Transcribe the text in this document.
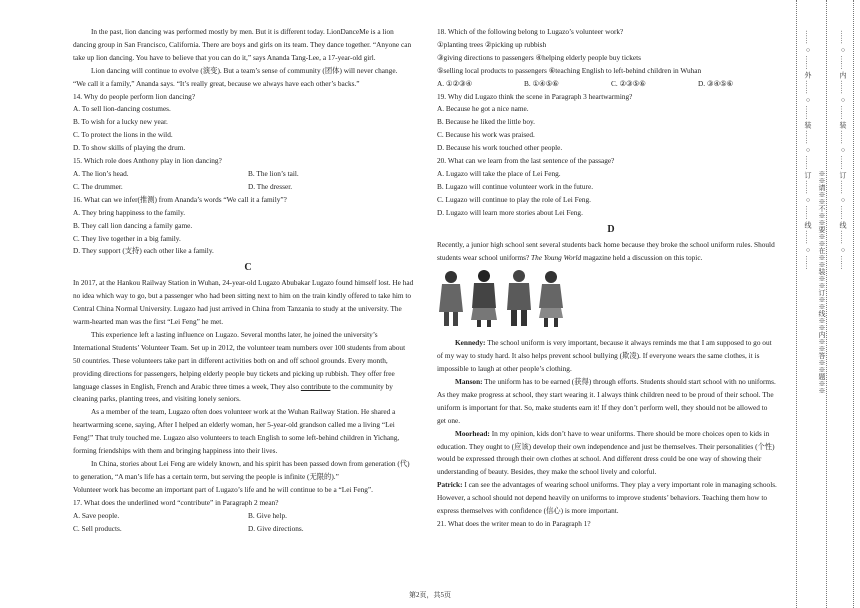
In the past, lion dancing was performed mostly by men. But it is different today. LionDanceMe is a lion

dancing group in San Francisco, California. There are boys and girls on its team. They dance together. “Anyone can

take up lion dancing. You have to believe that you can do it,” says Ananda Tang-Lee, a 17-year-old girl.

Lion dancing will continue to evolve (演变). But a team’s sense of community (团体) will never change.

“We call it a family,” Ananda says. “It’s really great, because we always have each other’s backs.”

14. Why do people perform lion dancing?

A. To sell lion-dancing costumes.

B. To wish for a lucky new year.

C. To protect the lions in the wild.

D. To show skills of playing the drum.

15. Which role does Anthony play in lion dancing?

A. The lion’s head.	B. The lion’s tail.
C. The drummer.	D. The dresser.

16. What can we infer(推测) from Ananda’s words “We call it a family”?

A. They bring happiness to the family.

B. They call lion dancing a family game.

C. They live together in a big family.

D. They support (支持) each other like a family.

C

In 2017, at the Hankou Railway Station in Wuhan, 24-year-old Lugazo Abubakar Lugazo found himself lost. He had

no idea which way to go, but a passenger who had been sitting next to him on the train kindly offered to take him to

Central China Normal University. Lugazo had just arrived in China from Tanzania to study at the university. The

warm-hearted man was the first “Lei Feng” he met.

This experience left a lasting influence on Lugazo. Several months later, he joined the university’s

International Students’ Volunteer Team. Set up in 2012, the volunteer team numbers over 100 students from about

50 countries. These volunteers take part in different activities both on and off school grounds. Every month,

providing directions for passengers, helping elderly people buy tickets and picking up rubbish. They offer free

language classes in English, French and Arabic three times a week, They also contribute to the community by

cleaning parks, planting trees, and visiting lonely seniors.

As a member of the team, Lugazo often does volunteer work at the Wuhan Railway Station. He shared a

heartwarming scene, saying, After I helped an elderly woman, her 5-year-old grandson called me a living “Lei

Feng!” That truly touched me. Lugazo also volunteers to teach English to some left-behind children in Yichang,

forming friendships with them and bringing happiness into their lives.

In China, stories about Lei Feng are widely known, and his spirit has been passed down from generation (代)

to generation, “A man’s life has a certain term, but serving the people is infinite (无限的).”

Volunteer work has become an important part of Lugazo’s life and he will continue to be a “Lei Feng”.

17. What does the underlined word “contribute” in Paragraph 2 mean?

A. Save people.	B. Give help.
C. Sell products.	D. Give directions.

18. Which of the following belong to Lugazo’s volunteer work?

①planting trees ②picking up rubbish

③giving directions to passengers ④helping elderly people buy tickets

⑤selling local products to passengers ⑥teaching English to left-behind children in Wuhan

A. ①②③④	B. ①④⑤⑥	C. ②③⑤⑥	D. ③④⑤⑥

19. Why did Lugazo think the scene in Paragraph 3 heartwarming?

A. Because he got a nice name.

B. Because he liked the little boy.

C. Because his work was praised.

D. Because his work touched other people.

20. What can we learn from the last sentence of the passage?

A. Lugazo will take the place of Lei Feng.

B. Lugazo will continue volunteer work in the future.

C. Lugazo will continue to play the role of Lei Feng.

D. Lugazo will learn more stories about Lei Feng.

D

Recently, a junior high school sent several students back home because they broke the school uniform rules. Should

students wear school uniforms? The Young World magazine held a discussion on this topic.

Kennedy: The school uniform is very important, because it always reminds me that I am supposed to go out

of my way to study hard. It also helps prevent school bullying (欺凌). If everyone wears the same clothes, it is

impossible to laugh at other people’s clothing.

Manson: The uniform has to be earned (获得) through efforts. Students should start school with no uniforms.

As they make progress at school, they start wearing it. I always think children need to be proud of their school. The

uniform is important for that. So, make students earn it! If they don’t perform well, they should not be allowed to

get one.

Moorhead: In my opinion, kids don’t have to wear uniforms. There should be more choices open to kids in

education. They ought to (应该) develop their own independence and just be themselves. Their personalities (个性)

would be expressed through their own clothes at school. And different dress could be one way of showing their

understanding of beauty. Besides, they make the school lively and colorful.

Patrick: I can see the advantages of wearing school uniforms. They play a very important role in managing schools.

However, a school should not depend heavily on uniforms to improve students’ behaviors. Teaching them how to

express themselves with confidence (信心) is more important.

21. What does the writer mean to do in Paragraph 1?

第2页，共5页
…… ○ …… 外 …… ○ …… 装 …… ○ …… 订 …… ○ …… 线 …… ○ ……
※※请※※不※※要※※在※※装※※订※※线※※内※※答※※题※※
…… ○ …… 内 …… ○ …… 装 …… ○ …… 订 …… ○ …… 线 …… ○ ……
